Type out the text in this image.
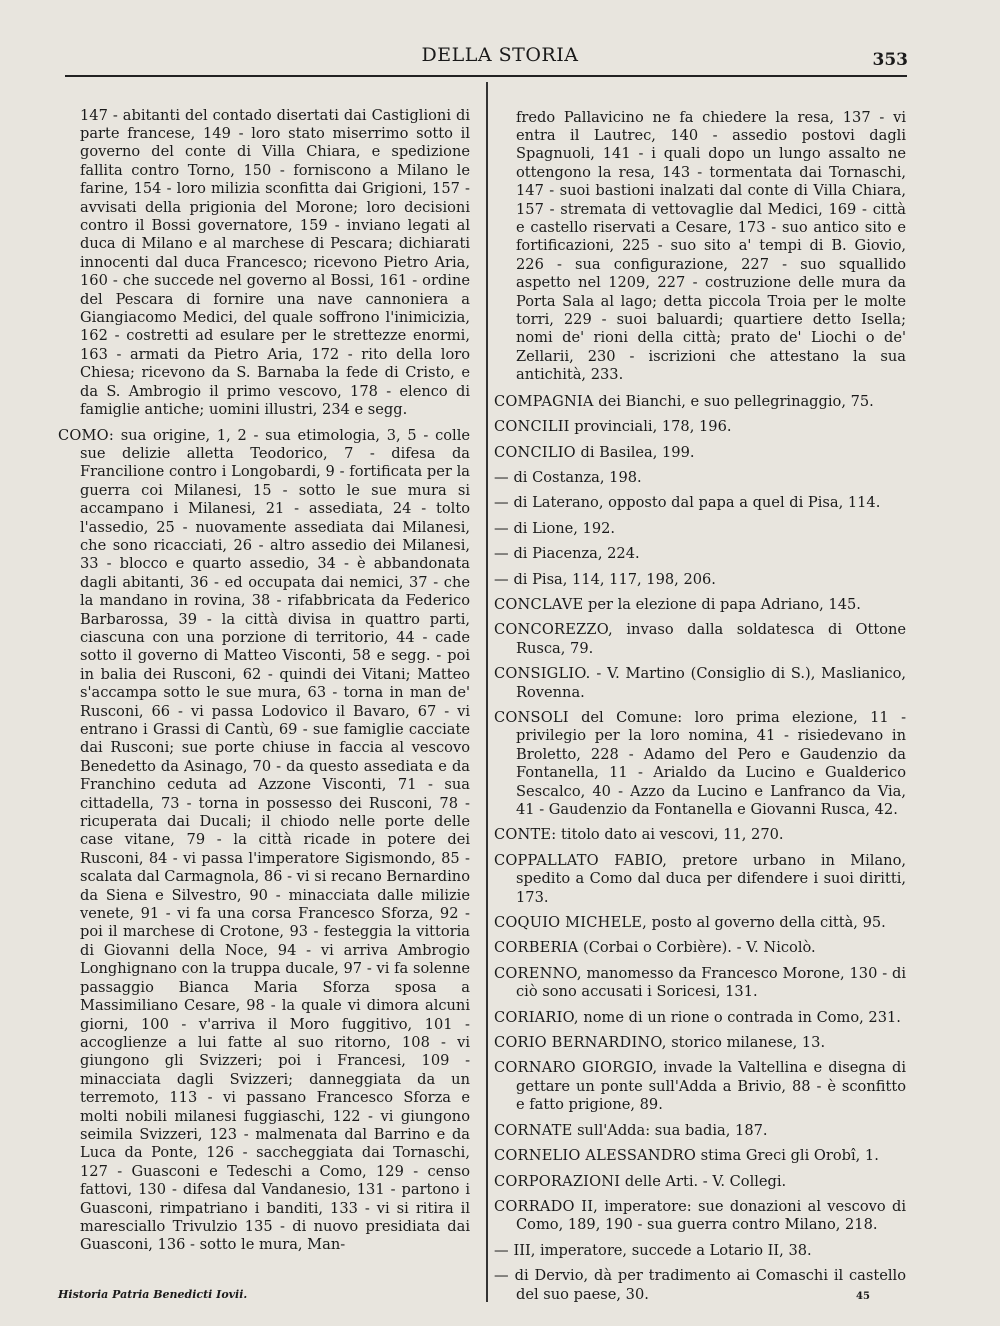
DELLA STORIA	353

147 - abitanti del contado disertati dai Castiglioni di parte francese, 149 - loro stato miserrimo sotto il governo del conte di Villa Chiara, e spedizione fallita contro Torno, 150 - forniscono a Milano le farine, 154 - loro milizia sconfitta dai Grigioni, 157 - avvisati della prigionia del Morone; loro decisioni contro il Bossi governatore, 159 - inviano legati al duca di Milano e al marchese di Pescara; dichiarati innocenti dal duca Francesco; ricevono Pietro Aria, 160 - che succede nel governo al Bossi, 161 - ordine del Pescara di fornire una nave cannoniera a Giangiacomo Medici, del quale soffrono l'inimicizia, 162 - costretti ad esulare per le strettezze enormi, 163 - armati da Pietro Aria, 172 - rito della loro Chiesa; ricevono da S. Barnaba la fede di Cristo, e da S. Ambrogio il primo vescovo, 178 - elenco di famiglie antiche; uomini illustri, 234 e segg.

COMO: sua origine, 1, 2 - sua etimologia, 3, 5 - colle sue delizie alletta Teodorico, 7 - difesa da Francilione contro i Longobardi, 9 - fortificata per la guerra coi Milanesi, 15 - sotto le sue mura si accampano i Milanesi, 21 - assediata, 24 - tolto l'assedio, 25 - nuovamente assediata dai Milanesi, che sono ricacciati, 26 - altro assedio dei Milanesi, 33 - blocco e quarto assedio, 34 - è abbandonata dagli abitanti, 36 - ed occupata dai nemici, 37 - che la mandano in rovina, 38 - rifabbricata da Federico Barbarossa, 39 - la città divisa in quattro parti, ciascuna con una porzione di territorio, 44 - cade sotto il governo di Matteo Visconti, 58 e segg. - poi in balia dei Rusconi, 62 - quindi dei Vitani; Matteo s'accampa sotto le sue mura, 63 - torna in man de' Rusconi, 66 - vi passa Lodovico il Bavaro, 67 - vi entrano i Grassi di Cantù, 69 - sue famiglie cacciate dai Rusconi; sue porte chiuse in faccia al vescovo Benedetto da Asinago, 70 - da questo assediata e da Franchino ceduta ad Azzone Visconti, 71 - sua cittadella, 73 - torna in possesso dei Rusconi, 78 - ricuperata dai Ducali; il chiodo nelle porte delle case vitane, 79 - la città ricade in potere dei Rusconi, 84 - vi passa l'imperatore Sigismondo, 85 - scalata dal Carmagnola, 86 - vi si recano Bernardino da Siena e Silvestro, 90 - minacciata dalle milizie venete, 91 - vi fa una corsa Francesco Sforza, 92 - poi il marchese di Crotone, 93 - festeggia la vittoria di Giovanni della Noce, 94 - vi arriva Ambrogio Longhignano con la truppa ducale, 97 - vi fa solenne passaggio Bianca Maria Sforza sposa a Massimiliano Cesare, 98 - la quale vi dimora alcuni giorni, 100 - v'arriva il Moro fuggitivo, 101 - accoglienze a lui fatte al suo ritorno, 108 - vi giungono gli Svizzeri; poi i Francesi, 109 - minacciata dagli Svizzeri; danneggiata da un terremoto, 113 - vi passano Francesco Sforza e molti nobili milanesi fuggiaschi, 122 - vi giungono seimila Svizzeri, 123 - malmenata dal Barrino e da Luca da Ponte, 126 - saccheggiata dai Tornaschi, 127 - Guasconi e Tedeschi a Como, 129 - censo fattovi, 130 - difesa dal Vandanesio, 131 - partono i Guasconi, rimpatriano i banditi, 133 - vi si ritira il maresciallo Trivulzio 135 - di nuovo presidiata dai Guasconi, 136 - sotto le mura, Man-

fredo Pallavicino ne fa chiedere la resa, 137 - vi entra il Lautrec, 140 - assedio postovi dagli Spagnuoli, 141 - i quali dopo un lungo assalto ne ottengono la resa, 143 - tormentata dai Tornaschi, 147 - suoi bastioni inalzati dal conte di Villa Chiara, 157 - stremata di vettovaglie dal Medici, 169 - città e castello riservati a Cesare, 173 - suo antico sito e fortificazioni, 225 - suo sito a' tempi di B. Giovio, 226 - sua configurazione, 227 - suo squallido aspetto nel 1209, 227 - costruzione delle mura da Porta Sala al lago; detta piccola Troia per le molte torri, 229 - suoi baluardi; quartiere detto Isella; nomi de' rioni della città; prato de' Liochi o de' Zellarii, 230 - iscrizioni che attestano la sua antichità, 233.

COMPAGNIA dei Bianchi, e suo pellegrinaggio, 75.

CONCILII provinciali, 178, 196.

CONCILIO di Basilea, 199.

— di Costanza, 198.

— di Laterano, opposto dal papa a quel di Pisa, 114.

— di Lione, 192.

— di Piacenza, 224.

— di Pisa, 114, 117, 198, 206.

CONCLAVE per la elezione di papa Adriano, 145.

CONCOREZZO, invaso dalla soldatesca di Ottone Rusca, 79.

CONSIGLIO. - V. Martino (Consiglio di S.), Maslianico, Rovenna.

CONSOLI del Comune: loro prima elezione, 11 - privilegio per la loro nomina, 41 - risiedevano in Broletto, 228 - Adamo del Pero e Gaudenzio da Fontanella, 11 - Arialdo da Lucino e Gualderico Sescalco, 40 - Azzo da Lucino e Lanfranco da Via, 41 - Gaudenzio da Fontanella e Giovanni Rusca, 42.

CONTE: titolo dato ai vescovi, 11, 270.

COPPALLATO FABIO, pretore urbano in Milano, spedito a Como dal duca per difendere i suoi diritti, 173.

COQUIO MICHELE, posto al governo della città, 95.

CORBERIA (Corbai o Corbière). - V. Nicolò.

CORENNO, manomesso da Francesco Morone, 130 - di ciò sono accusati i Soricesi, 131.

CORIARIO, nome di un rione o contrada in Como, 231.

CORIO BERNARDINO, storico milanese, 13.

CORNARO GIORGIO, invade la Valtellina e disegna di gettare un ponte sull'Adda a Brivio, 88 - è sconfitto e fatto prigione, 89.

CORNATE sull'Adda: sua badia, 187.

CORNELIO ALESSANDRO stima Greci gli Orobî, 1.

CORPORAZIONI delle Arti. - V. Collegi.

CORRADO II, imperatore: sue donazioni al vescovo di Como, 189, 190 - sua guerra contro Milano, 218.

— III, imperatore, succede a Lotario II, 38.

— di Dervio, dà per tradimento ai Comaschi il castello del suo paese, 30.

Historia Patria Benedicti Iovii.	45
